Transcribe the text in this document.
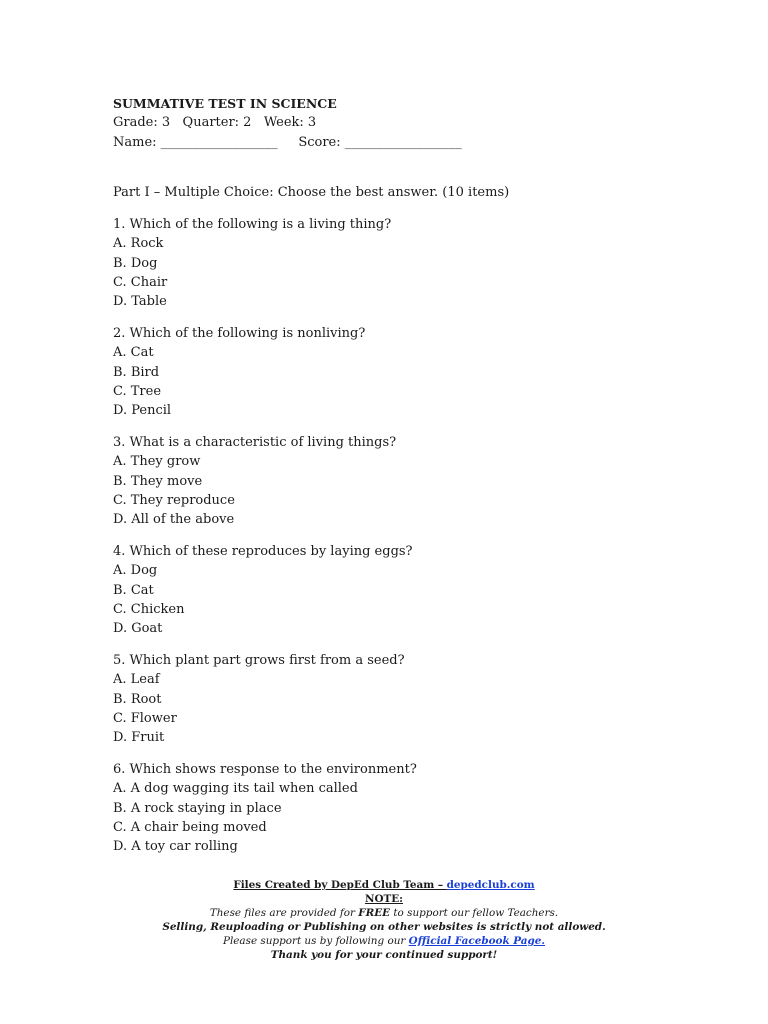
SUMMATIVE TEST IN SCIENCE
Grade: 3   Quarter: 2   Week: 3
Name: __________________     Score: __________________
Part I – Multiple Choice: Choose the best answer. (10 items)
1. Which of the following is a living thing?
A. Rock
B. Dog
C. Chair
D. Table
2. Which of the following is nonliving?
A. Cat
B. Bird
C. Tree
D. Pencil
3. What is a characteristic of living things?
A. They grow
B. They move
C. They reproduce
D. All of the above
4. Which of these reproduces by laying eggs?
A. Dog
B. Cat
C. Chicken
D. Goat
5. Which plant part grows first from a seed?
A. Leaf
B. Root
C. Flower
D. Fruit
6. Which shows response to the environment?
A. A dog wagging its tail when called
B. A rock staying in place
C. A chair being moved
D. A toy car rolling
Files Created by DepEd Club Team – depedclub.com
NOTE:
These files are provided for FREE to support our fellow Teachers.
Selling, Reuploading or Publishing on other websites is strictly not allowed.
Please support us by following our Official Facebook Page.
Thank you for your continued support!
